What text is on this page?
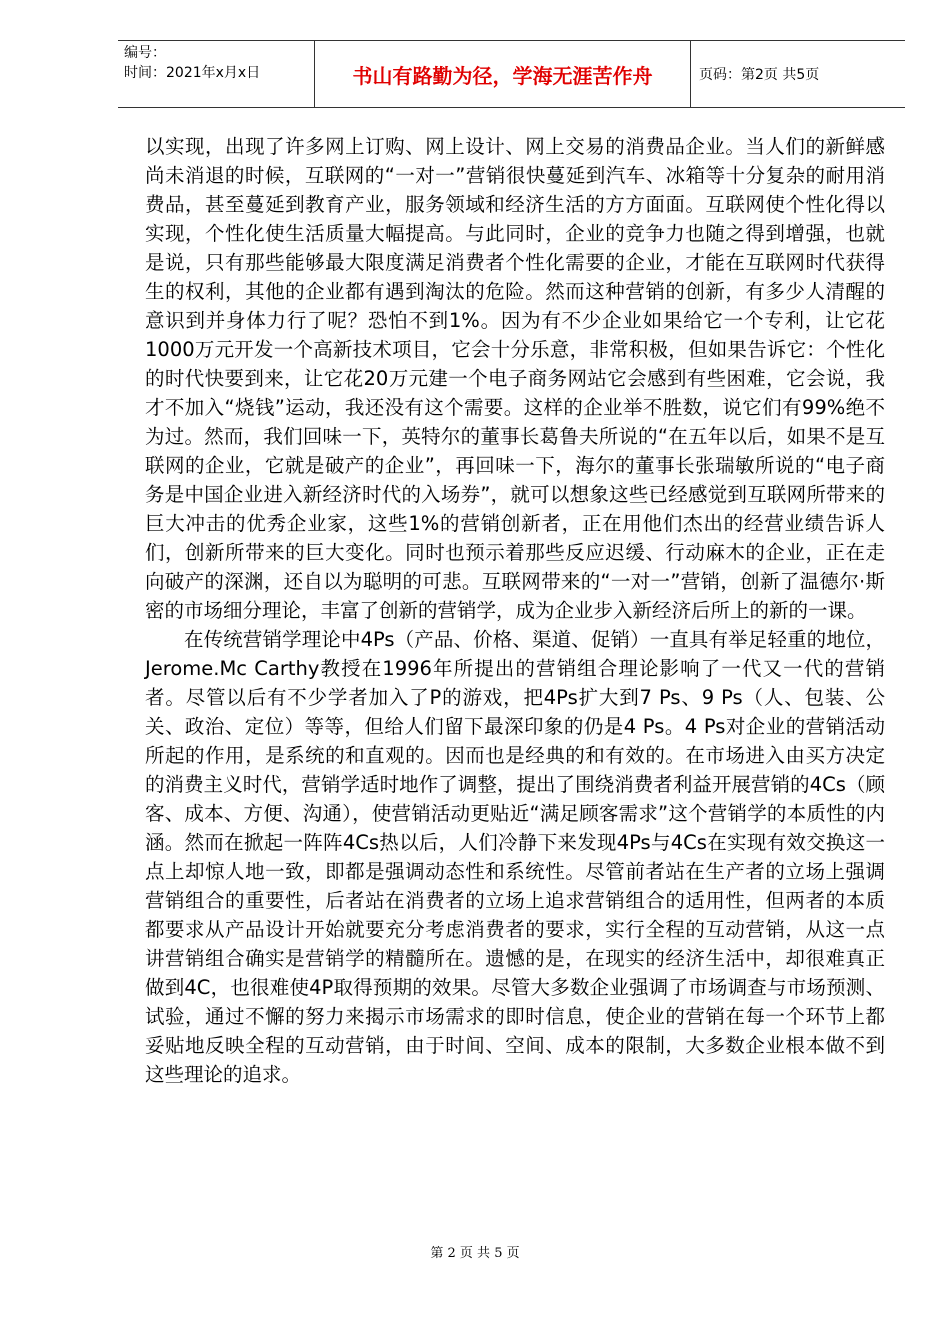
编号：
时间：2021年x月x日	书山有路勤为径，学海无涯苦作舟	页码：第2页 共5页

以实现，出现了许多网上订购、网上设计、网上交易的消费品企业。当人们的新鲜感尚未消退的时候，互联网的“一对一”营销很快蔓延到汽车、冰箱等十分复杂的耐用消费品，甚至蔓延到教育产业，服务领域和经济生活的方方面面。互联网使个性化得以实现，个性化使生活质量大幅提高。与此同时，企业的竞争力也随之得到增强，也就是说，只有那些能够最大限度满足消费者个性化需要的企业，才能在互联网时代获得生的权利，其他的企业都有遇到淘汰的危险。然而这种营销的创新，有多少人清醒的意识到并身体力行了呢？恐怕不到1%。因为有不少企业如果给它一个专利，让它花1000万元开发一个高新技术项目，它会十分乐意，非常积极，但如果告诉它：个性化的时代快要到来，让它花20万元建一个电子商务网站它会感到有些困难，它会说，我才不加入“烧钱”运动，我还没有这个需要。这样的企业举不胜数，说它们有99%绝不为过。然而，我们回味一下，英特尔的董事长葛鲁夫所说的“在五年以后，如果不是互联网的企业，它就是破产的企业”，再回味一下，海尔的董事长张瑞敏所说的“电子商务是中国企业进入新经济时代的入场券”，就可以想象这些已经感觉到互联网所带来的巨大冲击的优秀企业家，这些1%的营销创新者，正在用他们杰出的经营业绩告诉人们，创新所带来的巨大变化。同时也预示着那些反应迟缓、行动麻木的企业，正在走向破产的深渊，还自以为聪明的可悲。互联网带来的“一对一”营销，创新了温德尔·斯密的市场细分理论，丰富了创新的营销学，成为企业步入新经济后所上的新的一课。

在传统营销学理论中4Ps（产品、价格、渠道、促销）一直具有举足轻重的地位，Jerome.Mc Carthy教授在1996年所提出的营销组合理论影响了一代又一代的营销者。尽管以后有不少学者加入了P的游戏，把4Ps扩大到7 Ps、9 Ps（人、包装、公关、政治、定位）等等，但给人们留下最深印象的仍是4 Ps。4 Ps对企业的营销活动所起的作用，是系统的和直观的。因而也是经典的和有效的。在市场进入由买方决定的消费主义时代，营销学适时地作了调整，提出了围绕消费者利益开展营销的4Cs（顾客、成本、方便、沟通），使营销活动更贴近“满足顾客需求”这个营销学的本质性的内涵。然而在掀起一阵阵4Cs热以后，人们冷静下来发现4Ps与4Cs在实现有效交换这一点上却惊人地一致，即都是强调动态性和系统性。尽管前者站在生产者的立场上强调营销组合的重要性，后者站在消费者的立场上追求营销组合的适用性，但两者的本质都要求从产品设计开始就要充分考虑消费者的要求，实行全程的互动营销，从这一点讲营销组合确实是营销学的精髓所在。遗憾的是，在现实的经济生活中，却很难真正做到4C，也很难使4P取得预期的效果。尽管大多数企业强调了市场调查与市场预测、试验，通过不懈的努力来揭示市场需求的即时信息，使企业的营销在每一个环节上都妥贴地反映全程的互动营销，由于时间、空间、成本的限制，大多数企业根本做不到这些理论的追求。

第 2 页 共 5 页
